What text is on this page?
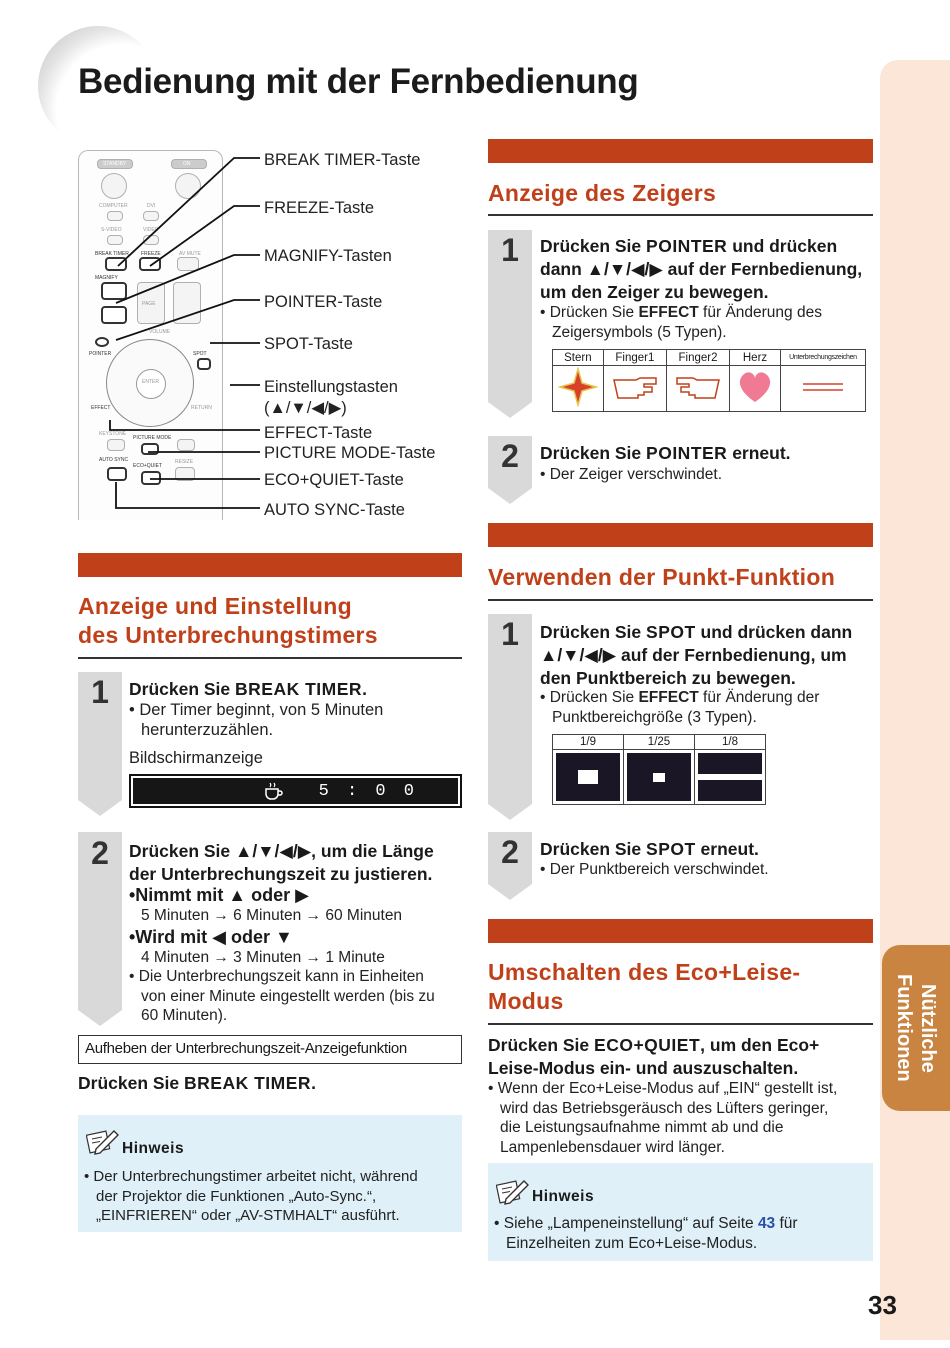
Bedienung mit der Fernbedienung
Nützliche
Funktionen
33
STANDBY	ON
COMPUTER	DVI
S-VIDEO	VIDEO
BREAK TIMER FREEZE	AV MUTE
MAGNIFY
PAGE
VOLUME
POINTER	SPOT
ENTER
EFFECT	RETURN
KEYSTONE
PICTURE MODE
AUTO SYNC
ECO+QUIET
RESIZE
BREAK TIMER-Taste
FREEZE-Taste
MAGNIFY-Tasten
POINTER-Taste
SPOT-Taste
Einstellungstasten
(▲/▼/◀/▶)
EFFECT-Taste
PICTURE MODE-Taste
ECO+QUIET-Taste
AUTO SYNC-Taste
Anzeige und Einstellung
des Unterbrechungstimers
1	Drücken Sie BREAK TIMER.
• Der Timer beginnt, von 5 Minuten
herunterzuzählen.
Bildschirmanzeige
5 : 0 0
2	Drücken Sie ▲/▼/◀/▶, um die Länge
der Unterbrechungszeit zu justieren.
•Nimmt mit ▲ oder ▶
5 Minuten → 6 Minuten → 60 Minuten
•Wird mit ◀ oder ▼
4 Minuten → 3 Minuten → 1 Minute
• Die Unterbrechungszeit kann in Einheiten
von einer Minute eingestellt werden (bis zu
60 Minuten).
Aufheben der Unterbrechungszeit-Anzeigefunktion
Drücken Sie BREAK TIMER.
Hinweis
• Der Unterbrechungstimer arbeitet nicht, während
der Projektor die Funktionen „Auto-Sync.“,
„EINFRIEREN“ oder „AV-STMHALT“ ausführt.
Anzeige des Zeigers
1	Drücken Sie POINTER und drücken
dann ▲/▼/◀/▶ auf der Fernbedienung,
um den Zeiger zu bewegen.
• Drücken Sie EFFECT für Änderung des
Zeigersymbols (5 Typen).
Stern	Finger1	Finger2	Herz	Unterbrechungszeichen

2	Drücken Sie POINTER erneut.
• Der Zeiger verschwindet.
Verwenden der Punkt-Funktion
1	Drücken Sie SPOT und drücken dann
▲/▼/◀/▶ auf der Fernbedienung, um
den Punktbereich zu bewegen.
• Drücken Sie EFFECT für Änderung der
Punktbereichgröße (3 Typen).
1/9	1/25	1/8

2	Drücken Sie SPOT erneut.
• Der Punktbereich verschwindet.
Umschalten des Eco+Leise-
Modus
Drücken Sie ECO+QUIET, um den Eco+
Leise-Modus ein- und auszuschalten.
• Wenn der Eco+Leise-Modus auf „EIN“ gestellt ist,
wird das Betriebsgeräusch des Lüfters geringer,
die Leistungsaufnahme nimmt ab und die
Lampenlebensdauer wird länger.
Hinweis
• Siehe „Lampeneinstellung“ auf Seite 43 für
Einzelheiten zum Eco+Leise-Modus.
